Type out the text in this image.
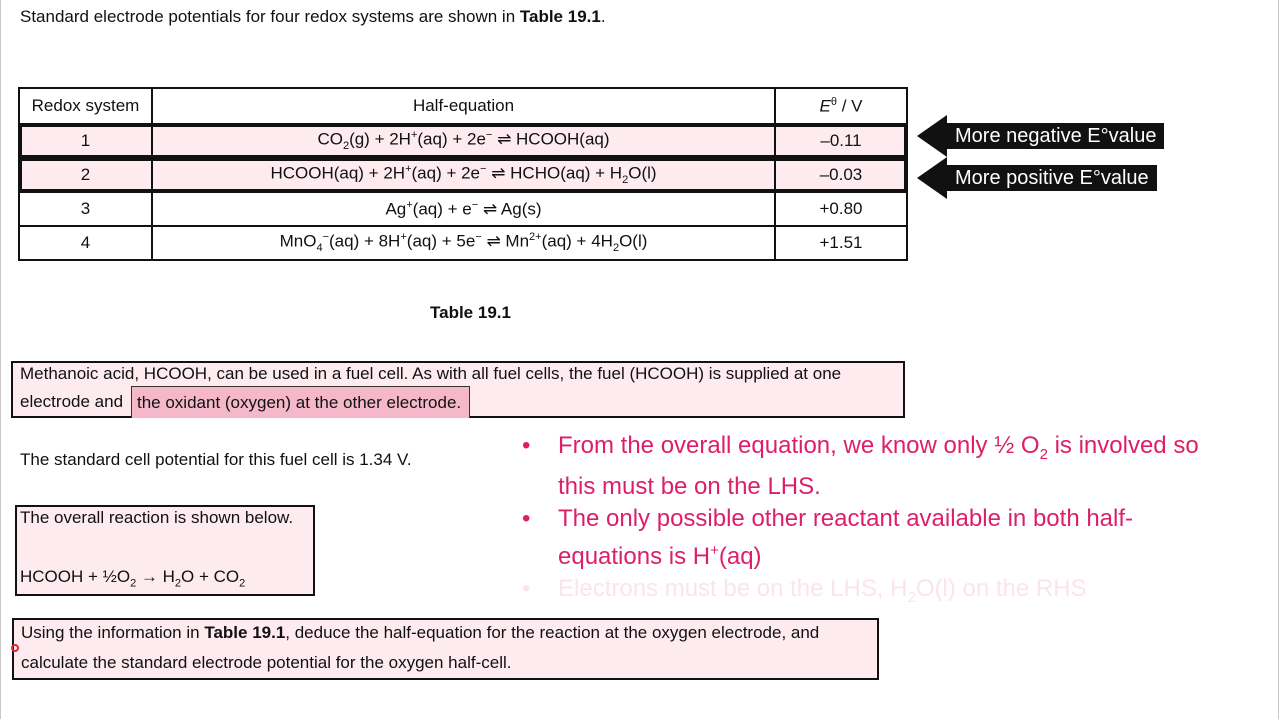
Standard electrode potentials for four redox systems are shown in Table 19.1.
Redox system	Half-equation	$E^\theta$ / V
1	$CO_2(g) + 2H^+(aq) + 2e^-$ ⇌ HCOOH(aq)	–0.11
2	HCOOH(aq) + 2H+(aq) + 2e− ⇌ HCHO(aq) + $H_2O(l)$	–0.03
3	Ag+(aq) + e− ⇌ Ag(s)	+0.80
4	MnO$_4$−(aq) + 8H+(aq) + 5e− ⇌ $Mn^{2+}(aq) + 4H_2O(l)$	+1.51
More negative E°value
More positive E°value
Table 19.1
Methanoic acid, HCOOH, can be used in a fuel cell. As with all fuel cells, the fuel (HCOOH) is supplied at one
electrode and the oxidant (oxygen) at the other electrode.
The standard cell potential for this fuel cell is 1.34 V.
The overall reaction is shown below.
HCOOH + $\frac{1}{2}O_2 \to H_2O + CO_2$
• From the overall equation, we know only ½ $O_2$ is involved so this must be on the LHS.
• The only possible other reactant available in both half-equations is H+(aq)
• Electrons must be on the LHS, $H_2O(l)$ on the RHS
Using the information in Table 19.1, deduce the half-equation for the reaction at the oxygen electrode, and
calculate the standard electrode potential for the oxygen half-cell.
